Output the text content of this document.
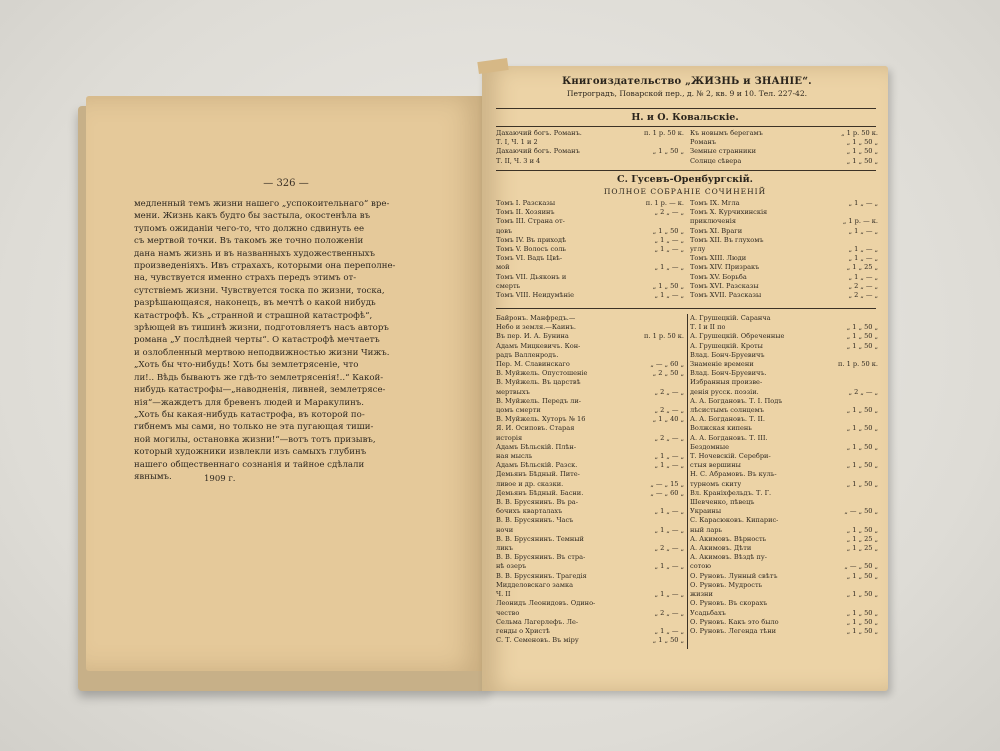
— 326 —
медленный темъ жизни нашего „успокоительнаго“ вре-
мени. Жизнь какъ будто бы застыла, окостенѣла въ
тупомъ ожиданіи чего-то, что должно сдвинуть ее
съ мертвой точки. Въ такомъ же точно положеніи
дана намъ жизнь и въ названныхъ художественныхъ
произведеніяхъ. Ивъ страхахъ, которыми она переполне-
на, чувствуется именно страхъ передъ этимъ от-
сутствіемъ жизни. Чувствуется тоска по жизни, тоска,
разрѣшающаяся, наконецъ, въ мечтѣ о какой нибудь
катастрофѣ. Къ „странной и страшной катастрофѣ“,
зрѣющей въ тишинѣ жизни, подготовляетъ насъ авторъ
романа „У послѣдней черты“. О катастрофѣ мечтаетъ
и озлобленный мертвою неподвижностью жизни Чижъ.
„Хоть бы что-нибудь! Хоть бы землетрясеніе, что
ли!.. Вѣдь бываютъ же гдѣ-то землетрясенія!..“ Какой-
нибудь катастрофы—„наводненія, ливней, землетрясе-
нія“—жаждетъ для бревенъ людей и Маракулинъ.
„Хоть бы какая-нибудь катастрофа, въ которой по-
гибнемъ мы сами, но только не эта пугающая тиши-
ной могилы, остановка жизни!“—вотъ тотъ призывъ,
который художники извлекли изъ самыхъ глубинъ
нашего общественнаго сознанія и тайное сдѣлали
явнымъ.	1909 г.
Книгоиздательство „ЖИЗНЬ и ЗНАНІЕ“.
Петроградъ, Поварской пер., д. № 2, кв. 9 и 10. Тел. 227-42.
Н. и О. Ковальскіе.
Дахаючий богъ. Романъ.	п. 1 р. 50 к.
Т. I, Ч. 1 и 2
Дахаючий богъ. Романъ	„ 1 „ 50 „
Т. II, Ч. 3 и 4
Къ новымъ берегамъ	„ 1 р. 50 к.
Романъ	„ 1 „ 50 „
Земные странники	„ 1 „ 50 „
Солнце сѣвера	„ 1 „ 50 „
С. Гусевъ-Оренбургскій.
ПОЛНОЕ СОБРАНІЕ СОЧИНЕНІЙ
Томъ I. Разсказы	п. 1 р. — к.
Томъ II. Хозяинъ	„ 2 „ — „
Томъ III. Страна от-
цовъ	„ 1 „ 50 „
Томъ IV. Въ приходѣ	„ 1 „ — „
Томъ V. Волосъ соль	„ 1 „ — „
Томъ VI. Вадъ Цвѣ-
мой	„ 1 „ — „
Томъ VII. Дьяконъ и
смерть	„ 1 „ 50 „
Томъ VIII. Неидумѣніе	„ 1 „ — „
Томъ IX. Мгла	„ 1 „ — „
Томъ X. Курчихинскія
приключенія	„ 1 р. — к.
Томъ XI. Враги	„ 1 „ — „
Томъ XII. Въ глухомъ
углу	„ 1 „ — „
Томъ XIII. Люди	„ 1 „ — „
Томъ XIV. Призракъ	„ 1 „ 25 „
Томъ XV. Борьба	„ 1 „ — „
Томъ XVI. Разсказы	„ 2 „ — „
Томъ XVII. Разсказы	„ 2 „ — „
Байронъ. Манфредъ.—
Небо и земля.—Каинъ.
Въ пер. И. А. Бунина	п. 1 р. 50 к.
Адамъ Мицкевичъ. Кон-
радъ Валленродъ.
Пер. М. Славинскаго	„ — „ 60 „
В. Муйжель. Опустошеніе	„ 2 „ 50 „
В. Муйжель. Въ царствѣ
мертвыхъ	„ 2 „ — „
В. Муйжель. Передъ ли-
цомъ смерти	„ 2 „ — „
В. Муйжель. Хуторъ № 16	„ 1 „ 40 „
Я. И. Осиповъ. Старая
исторія	„ 2 „ — „
Адамъ Бѣльскій. Плѣн-
ная мысль	„ 1 „ — „
Адамъ Бѣльскій. Разск.	„ 1 „ — „
Демьянъ Бѣдный. Пите-
ливое и др. сказки.	„ — „ 15 „
Демьянъ Бѣдный. Басни.	„ — „ 60 „
В. В. Брусянинъ. Въ ра-
бочихъ кварталахъ	„ 1 „ — „
В. В. Брусянинъ. Часъ
ночи	„ 1 „ — „
В. В. Брусянинъ. Темный
ликъ	„ 2 „ — „
В. В. Брусянинъ. Въ стра-
нѣ озеръ	„ 1 „ — „
В. В. Брусянинъ. Трагедія
Мидделовскаго замка
Ч. II	„ 1 „ — „
Леонидъ Леонидовъ. Одино-
чество	„ 2 „ — „
Сельма Лагерлефъ. Ле-
генды о Христѣ	„ 1 „ — „
С. Т. Семеновъ. Въ міру	„ 1 „ 50 „
А. Грушецкій. Саранча
Т. I и II по	„ 1 „ 50 „
А. Грушецкій. Обреченные	„ 1 „ 50 „
А. Грушецкій. Кроты	„ 1 „ 50 „
Влад. Бонч-Бруевичъ
Знаменіе времени	п. 1 р. 50 к.
Влад. Бонч-Бруевичъ.
Избранныя произве-
денія русск. поэзіи.	„ 2 „ — „
А. А. Богдановъ. Т. І. Подъ
лѣсистымъ солнцемъ	„ 1 „ 50 „
А. А. Богдановъ. Т. II.
Волжская кипень	„ 1 „ 50 „
А. А. Богдановъ. Т. III.
Бездомные	„ 1 „ 50 „
Т. Ночевскій. Серебри-
стыя вершины	„ 1 „ 50 „
Н. С. Абрамовъ. Въ куль-
турномъ скиту	„ 1 „ 50 „
Вл. Краніхфельдъ. Т. Г.
Шевченко, пѣвецъ
Украины	„ — „ 50 „
С. Карасюковъ. Кипарис-
ный ларь	„ 1 „ 50 „
А. Акимовъ. Вѣрность	„ 1 „ 25 „
А. Акимовъ. Дѣти	„ 1 „ 25 „
А. Акимовъ. Вѣздѣ пу-
сотою	„ — „ 50 „
О. Руновъ. Лунный свѣтъ	„ 1 „ 50 „
О. Руновъ. Мудрость
жизни	„ 1 „ 50 „
О. Руновъ. Въ скорахъ
Усадьбахъ	„ 1 „ 50 „
О. Руновъ. Какъ это было	„ 1 „ 50 „
О. Руновъ. Легенда тѣни	„ 1 „ 50 „
